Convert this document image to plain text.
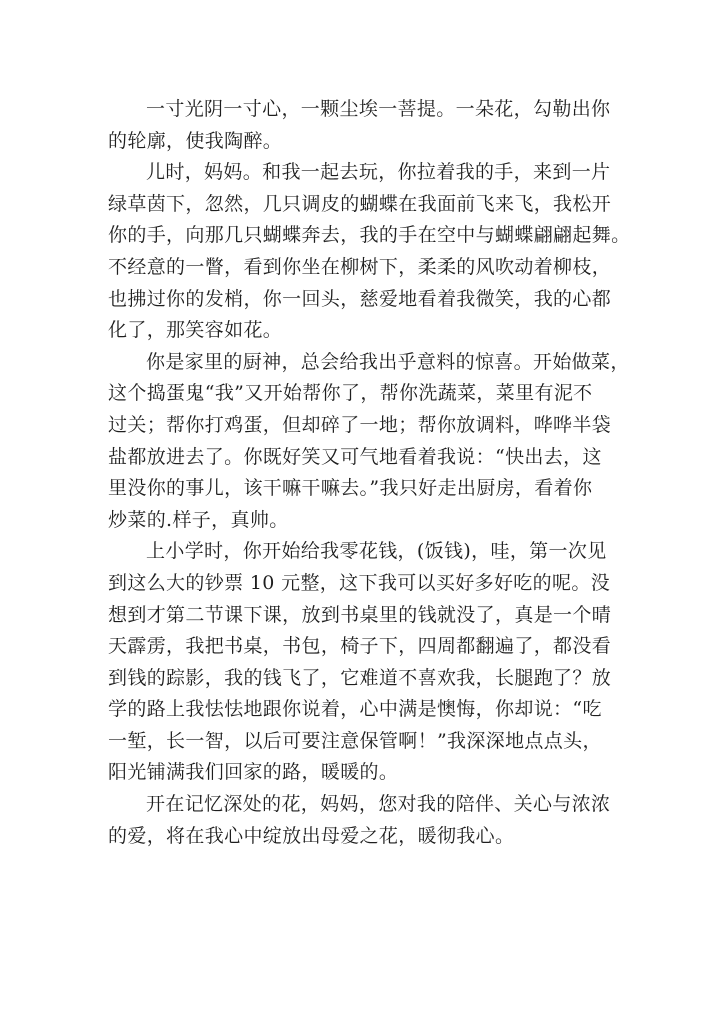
一寸光阴一寸心，一颗尘埃一菩提。一朵花，勾勒出你
的轮廓，使我陶醉。

儿时，妈妈。和我一起去玩，你拉着我的手，来到一片
绿草茵下，忽然，几只调皮的蝴蝶在我面前飞来飞，我松开
你的手，向那几只蝴蝶奔去，我的手在空中与蝴蝶翩翩起舞。
不经意的一瞥，看到你坐在柳树下，柔柔的风吹动着柳枝，
也拂过你的发梢，你一回头，慈爱地看着我微笑，我的心都
化了，那笑容如花。

你是家里的厨神，总会给我出乎意料的惊喜。开始做菜，
这个捣蛋鬼“我”又开始帮你了，帮你洗蔬菜，菜里有泥不
过关；帮你打鸡蛋，但却碎了一地；帮你放调料，哗哗半袋
盐都放进去了。你既好笑又可气地看着我说：“快出去，这
里没你的事儿，该干嘛干嘛去。”我只好走出厨房，看着你
炒菜的.样子，真帅。

上小学时，你开始给我零花钱，(饭钱)，哇，第一次见
到这么大的钞票 10 元整，这下我可以买好多好吃的呢。没
想到才第二节课下课，放到书桌里的钱就没了，真是一个晴
天霹雳，我把书桌，书包，椅子下，四周都翻遍了，都没看
到钱的踪影，我的钱飞了，它难道不喜欢我，长腿跑了？放
学的路上我怯怯地跟你说着，心中满是懊悔，你却说：“吃
一堑，长一智，以后可要注意保管啊！”我深深地点点头，
阳光铺满我们回家的路，暖暖的。

开在记忆深处的花，妈妈，您对我的陪伴、关心与浓浓
的爱，将在我心中绽放出母爱之花，暖彻我心。
